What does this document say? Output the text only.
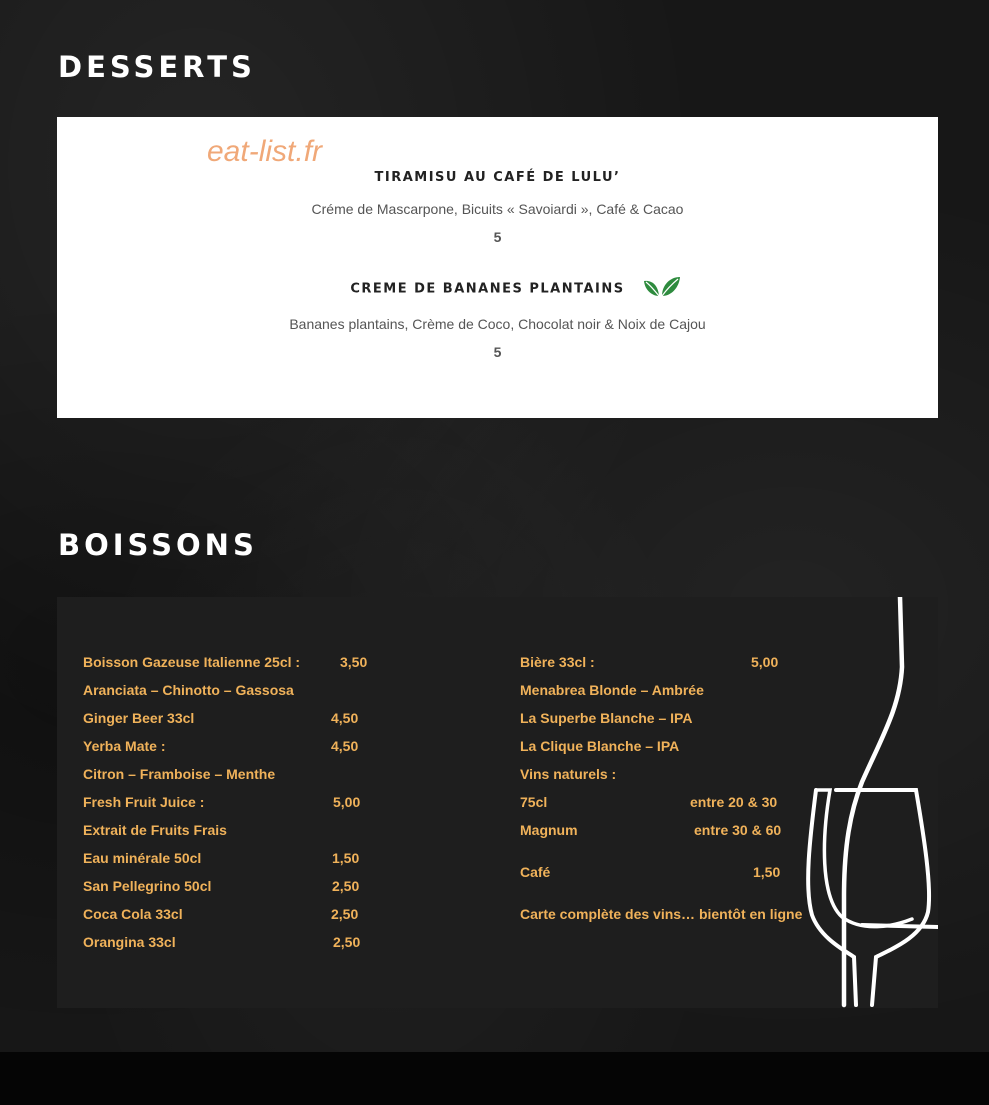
DESSERTS
eat-list.fr
TIRAMISU AU CAFÉ DE LULU’
Créme de Mascarpone, Bicuits « Savoiardi », Café & Cacao
5
CREME DE BANANES PLANTAINS
Bananes plantains, Crème de Coco, Chocolat noir & Noix de Cajou
5
BOISSONS
Boisson Gazeuse Italienne 25cl :	3,50
Aranciata – Chinotto – Gassosa
Ginger Beer 33cl	4,50
Yerba Mate :	4,50
Citron – Framboise – Menthe
Fresh Fruit Juice :	5,00
Extrait de Fruits Frais
Eau minérale 50cl	1,50
San Pellegrino 50cl	2,50
Coca Cola 33cl	2,50
Orangina 33cl	2,50
Bière 33cl :	5,00
Menabrea Blonde – Ambrée
La Superbe Blanche – IPA
La Clique Blanche – IPA
Vins naturels :
75cl	entre 20 & 30
Magnum	entre 30 & 60
Café	1,50
Carte complète des vins… bientôt en ligne
